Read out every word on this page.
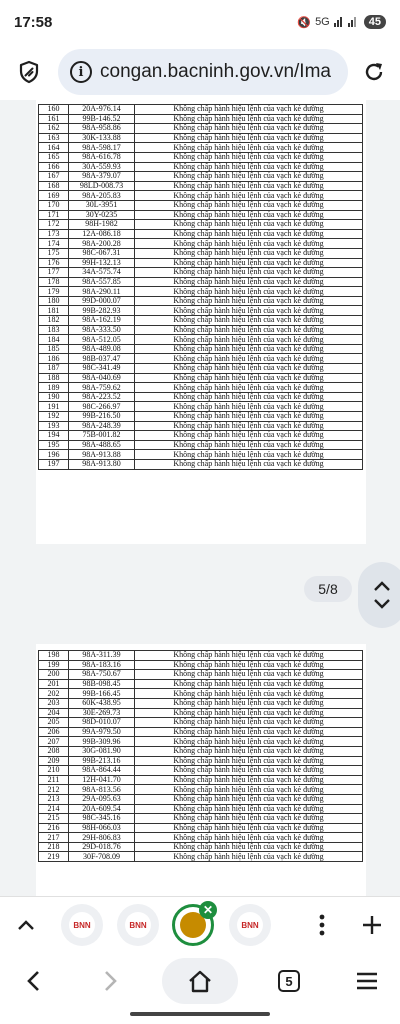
17:58	🔇 5G	45
i congan.bacninh.gov.vn/Ima
160	20A-976.14	Không chấp hành hiệu lệnh của vạch kẻ đường
161	99B-146.52	Không chấp hành hiệu lệnh của vạch kẻ đường
162	98A-958.86	Không chấp hành hiệu lệnh của vạch kẻ đường
163	30K-133.88	Không chấp hành hiệu lệnh của vạch kẻ đường
164	98A-598.17	Không chấp hành hiệu lệnh của vạch kẻ đường
165	98A-616.78	Không chấp hành hiệu lệnh của vạch kẻ đường
166	30A-559.93	Không chấp hành hiệu lệnh của vạch kẻ đường
167	98A-379.07	Không chấp hành hiệu lệnh của vạch kẻ đường
168	98LD-008.73	Không chấp hành hiệu lệnh của vạch kẻ đường
169	98A-205.83	Không chấp hành hiệu lệnh của vạch kẻ đường
170	30L-3951	Không chấp hành hiệu lệnh của vạch kẻ đường
171	30Y-0235	Không chấp hành hiệu lệnh của vạch kẻ đường
172	98H-1982	Không chấp hành hiệu lệnh của vạch kẻ đường
173	12A-086.18	Không chấp hành hiệu lệnh của vạch kẻ đường
174	98A-200.28	Không chấp hành hiệu lệnh của vạch kẻ đường
175	98C-067.31	Không chấp hành hiệu lệnh của vạch kẻ đường
176	99H-132.13	Không chấp hành hiệu lệnh của vạch kẻ đường
177	34A-575.74	Không chấp hành hiệu lệnh của vạch kẻ đường
178	98A-557.85	Không chấp hành hiệu lệnh của vạch kẻ đường
179	98A-290.11	Không chấp hành hiệu lệnh của vạch kẻ đường
180	99D-000.07	Không chấp hành hiệu lệnh của vạch kẻ đường
181	99B-282.93	Không chấp hành hiệu lệnh của vạch kẻ đường
182	98A-162.19	Không chấp hành hiệu lệnh của vạch kẻ đường
183	98A-333.50	Không chấp hành hiệu lệnh của vạch kẻ đường
184	98A-512.05	Không chấp hành hiệu lệnh của vạch kẻ đường
185	98A-489.08	Không chấp hành hiệu lệnh của vạch kẻ đường
186	98B-037.47	Không chấp hành hiệu lệnh của vạch kẻ đường
187	98C-341.49	Không chấp hành hiệu lệnh của vạch kẻ đường
188	98A-040.69	Không chấp hành hiệu lệnh của vạch kẻ đường
189	98A-759.62	Không chấp hành hiệu lệnh của vạch kẻ đường
190	98A-223.52	Không chấp hành hiệu lệnh của vạch kẻ đường
191	98C-266.97	Không chấp hành hiệu lệnh của vạch kẻ đường
192	99B-216.50	Không chấp hành hiệu lệnh của vạch kẻ đường
193	98A-248.39	Không chấp hành hiệu lệnh của vạch kẻ đường
194	75B-001.82	Không chấp hành hiệu lệnh của vạch kẻ đường
195	98A-488.65	Không chấp hành hiệu lệnh của vạch kẻ đường
196	98A-913.88	Không chấp hành hiệu lệnh của vạch kẻ đường
197	98A-913.80	Không chấp hành hiệu lệnh của vạch kẻ đường
5/8
198	98A-311.39	Không chấp hành hiệu lệnh của vạch kẻ đường
199	98A-183.16	Không chấp hành hiệu lệnh của vạch kẻ đường
200	98A-750.67	Không chấp hành hiệu lệnh của vạch kẻ đường
201	98B-098.45	Không chấp hành hiệu lệnh của vạch kẻ đường
202	99B-166.45	Không chấp hành hiệu lệnh của vạch kẻ đường
203	60K-438.95	Không chấp hành hiệu lệnh của vạch kẻ đường
204	30E-269.73	Không chấp hành hiệu lệnh của vạch kẻ đường
205	98D-010.07	Không chấp hành hiệu lệnh của vạch kẻ đường
206	99A-979.50	Không chấp hành hiệu lệnh của vạch kẻ đường
207	99B-309.96	Không chấp hành hiệu lệnh của vạch kẻ đường
208	30G-081.90	Không chấp hành hiệu lệnh của vạch kẻ đường
209	99B-213.16	Không chấp hành hiệu lệnh của vạch kẻ đường
210	98A-864.44	Không chấp hành hiệu lệnh của vạch kẻ đường
211	12H-041.70	Không chấp hành hiệu lệnh của vạch kẻ đường
212	98A-813.56	Không chấp hành hiệu lệnh của vạch kẻ đường
213	29A-095.63	Không chấp hành hiệu lệnh của vạch kẻ đường
214	20A-609.54	Không chấp hành hiệu lệnh của vạch kẻ đường
215	98C-345.16	Không chấp hành hiệu lệnh của vạch kẻ đường
216	98H-066.03	Không chấp hành hiệu lệnh của vạch kẻ đường
217	29H-806.83	Không chấp hành hiệu lệnh của vạch kẻ đường
218	29D-018.76	Không chấp hành hiệu lệnh của vạch kẻ đường
219	30F-708.09	Không chấp hành hiệu lệnh của vạch kẻ đường
BNN	BNN
✕
BNN
5
